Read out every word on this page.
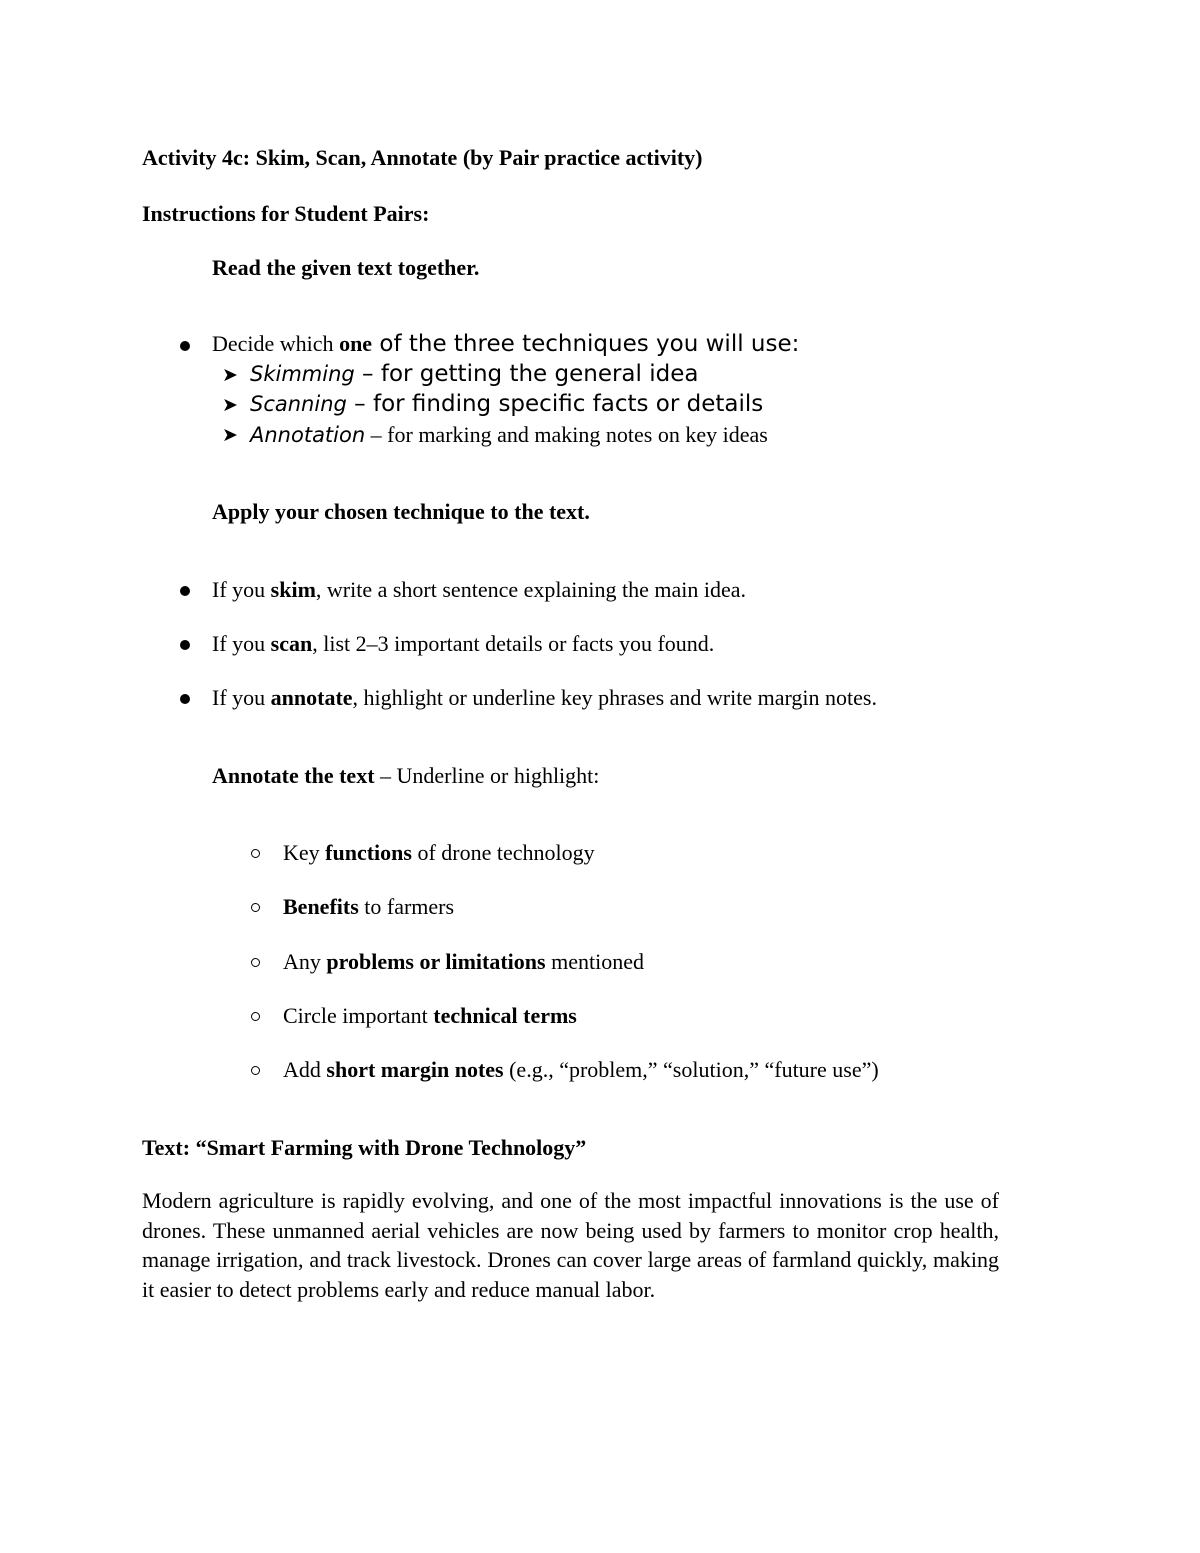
Activity 4c: Skim, Scan, Annotate (by Pair practice activity)
Instructions for Student Pairs:
Read the given text together.
Decide which one of the three techniques you will use:
➤ Skimming – for getting the general idea
➤ Scanning – for finding specific facts or details
➤ Annotation – for marking and making notes on key ideas
Apply your chosen technique to the text.
If you skim, write a short sentence explaining the main idea.
If you scan, list 2–3 important details or facts you found.
If you annotate, highlight or underline key phrases and write margin notes.
Annotate the text – Underline or highlight:
Key functions of drone technology
Benefits to farmers
Any problems or limitations mentioned
Circle important technical terms
Add short margin notes (e.g., “problem,” “solution,” “future use”)
Text: “Smart Farming with Drone Technology”
Modern agriculture is rapidly evolving, and one of the most impactful innovations is the use of drones. These unmanned aerial vehicles are now being used by farmers to monitor crop health, manage irrigation, and track livestock. Drones can cover large areas of farmland quickly, making it easier to detect problems early and reduce manual labor.
